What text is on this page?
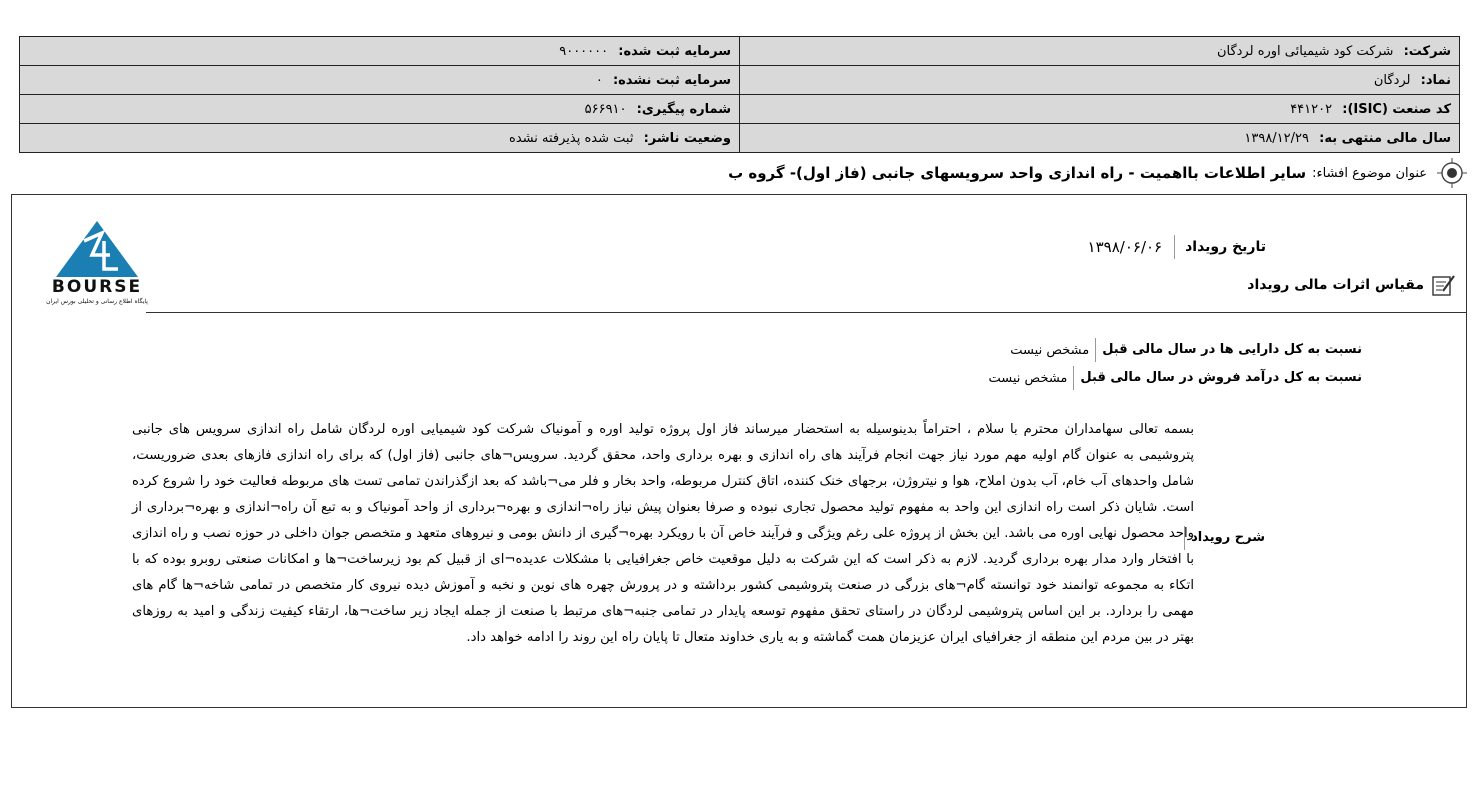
شرکت: شرکت کود شیمیائی اوره لردگان	سرمایه ثبت شده: ۹۰۰۰۰۰۰
نماد: لردگان	سرمایه ثبت نشده: ۰
کد صنعت (ISIC): ۴۴۱۲۰۲	شماره پیگیری: ۵۶۶۹۱۰
سال مالی منتهی به: ۱۳۹۸/۱۲/۲۹	وضعیت ناشر: ثبت شده پذیرفته نشده
عنوان موضوع افشاء:
سایر اطلاعات بااهمیت - راه اندازی واحد سرویسهای جانبی (فاز اول)- گروه ب
BOURSE
پایگاه اطلاع رسانی و تحلیلی بورس ایران
تاریخ رویداد
۱۳۹۸/۰۶/۰۶
مقیاس اثرات مالی رویداد
نسبت به کل دارایی ها در سال مالی قبل
مشخص نیست
نسبت به کل درآمد فروش در سال مالی قبل
مشخص نیست
شرح رویداد
بسمه تعالی سهامداران محترم با سلام ، احتراماً بدینوسیله به استحضار میرساند فاز اول پروژه تولید اوره و آمونیاک شرکت کود شیمیایی اوره لردگان شامل راه اندازی سرویس های جانبی پتروشیمی به عنوان گام اولیه مهم مورد نیاز جهت انجام فرآیند های راه اندازی و بهره برداری واحد، محقق گردید. سرویس¬های جانبی (فاز اول) که برای راه اندازی فازهای بعدی ضروریست، شامل واحدهای آب خام، آب بدون املاح، هوا و نیتروژن، برجهای خنک کننده، اتاق کنترل مربوطه، واحد بخار و فلر می¬باشد که بعد ازگذراندن تمامی تست های مربوطه فعالیت خود را شروع کرده است. شایان ذکر است راه اندازی این واحد به مفهوم تولید محصول تجاری نبوده و صرفا بعنوان پیش نیاز راه¬اندازی و بهره¬برداری از واحد آمونیاک و به تبع آن راه¬اندازی و بهره¬برداری از واحد محصول نهایی اوره می باشد. این بخش از پروژه علی رغم ویژگی و فرآیند خاص آن با رویکرد بهره¬گیری از دانش بومی و نیروهای متعهد و متخصص جوان داخلی در حوزه نصب و راه اندازی با افتخار وارد مدار بهره برداری گردید. لازم به ذکر است که این شرکت به دلیل موقعیت خاص جغرافیایی با مشکلات عدیده¬ای از قبیل کم بود زیرساخت¬ها و امکانات صنعتی روبرو بوده که با اتکاء به مجموعه توانمند خود توانسته گام¬های بزرگی در صنعت پتروشیمی کشور برداشته و در پرورش چهره های نوین و نخبه و آموزش دیده نیروی کار متخصص در تمامی شاخه¬ها گام های مهمی را بردارد. بر این اساس پتروشیمی لردگان در راستای تحقق مفهوم توسعه پایدار در تمامی جنبه¬های مرتبط با صنعت از جمله ایجاد زیر ساخت¬ها، ارتقاء کیفیت زندگی و امید به روزهای بهتر در بین مردم این منطقه از جغرافیای ایران عزیزمان همت گماشته و به یاری خداوند متعال تا پایان راه این روند را ادامه خواهد داد.
